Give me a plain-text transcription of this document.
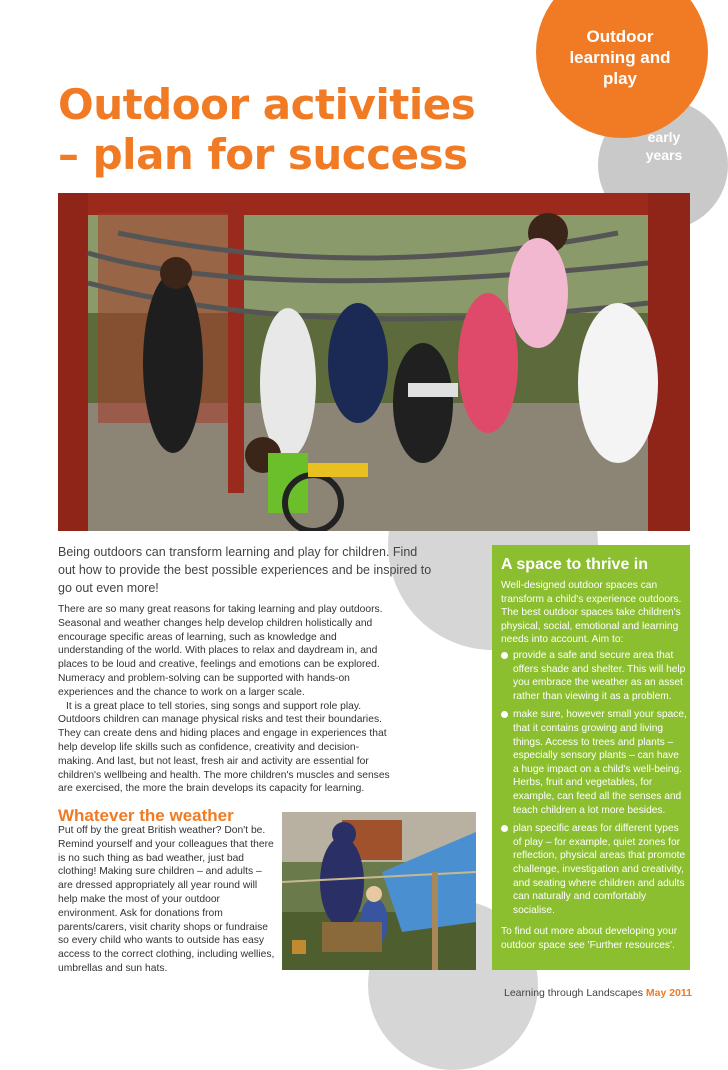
Outdoor
learning and
play
early
years
Outdoor activities
– plan for success

Being outdoors can transform learning and play for children. Find
out how to provide the best possible experiences and be inspired to
go out even more!

There are so many great reasons for taking learning and play outdoors. Seasonal and weather changes help develop children holistically and encourage specific areas of learning, such as knowledge and understanding of the world. With places to relax and daydream in, and places to be loud and creative, feelings and emotions can be explored. Numeracy and problem-solving can be supported with hands-on experiences and the chance to work on a larger scale.
It is a great place to tell stories, sing songs and support role play. Outdoors children can manage physical risks and test their boundaries. They can create dens and hiding places and engage in experiences that help develop life skills such as confidence, creativity and decision-making. And last, but not least, fresh air and activity are essential for children's wellbeing and health. The more children's muscles and senses are exercised, the more the brain develops its capacity for learning.

Whatever the weather

Put off by the great British weather? Don't be. Remind yourself and your colleagues that there is no such thing as bad weather, just bad clothing! Making sure children – and adults – are dressed appropriately all year round will help make the most of your outdoor environment. Ask for donations from parents/carers, visit charity shops or fundraise so every child who wants to outside has easy access to the correct clothing, including wellies, umbrellas and sun hats.

A space to thrive in

Well-designed outdoor spaces can transform a child's experience outdoors. The best outdoor spaces take children's physical, social, emotional and learning needs into account. Aim to:

provide a safe and secure area that offers shade and shelter. This will help you embrace the weather as an asset rather than viewing it as a problem.
make sure, however small your space, that it contains growing and living things. Access to trees and plants – especially sensory plants – can have a huge impact on a child's well-being. Herbs, fruit and vegetables, for example, can feed all the senses and teach children a lot more besides.
plan specific areas for different types of play – for example, quiet zones for reflection, physical areas that promote challenge, investigation and creativity, and seating where children and adults can naturally and comfortably socialise.

To find out more about developing your outdoor space see 'Further resources'.

Learning through Landscapes May 2011
